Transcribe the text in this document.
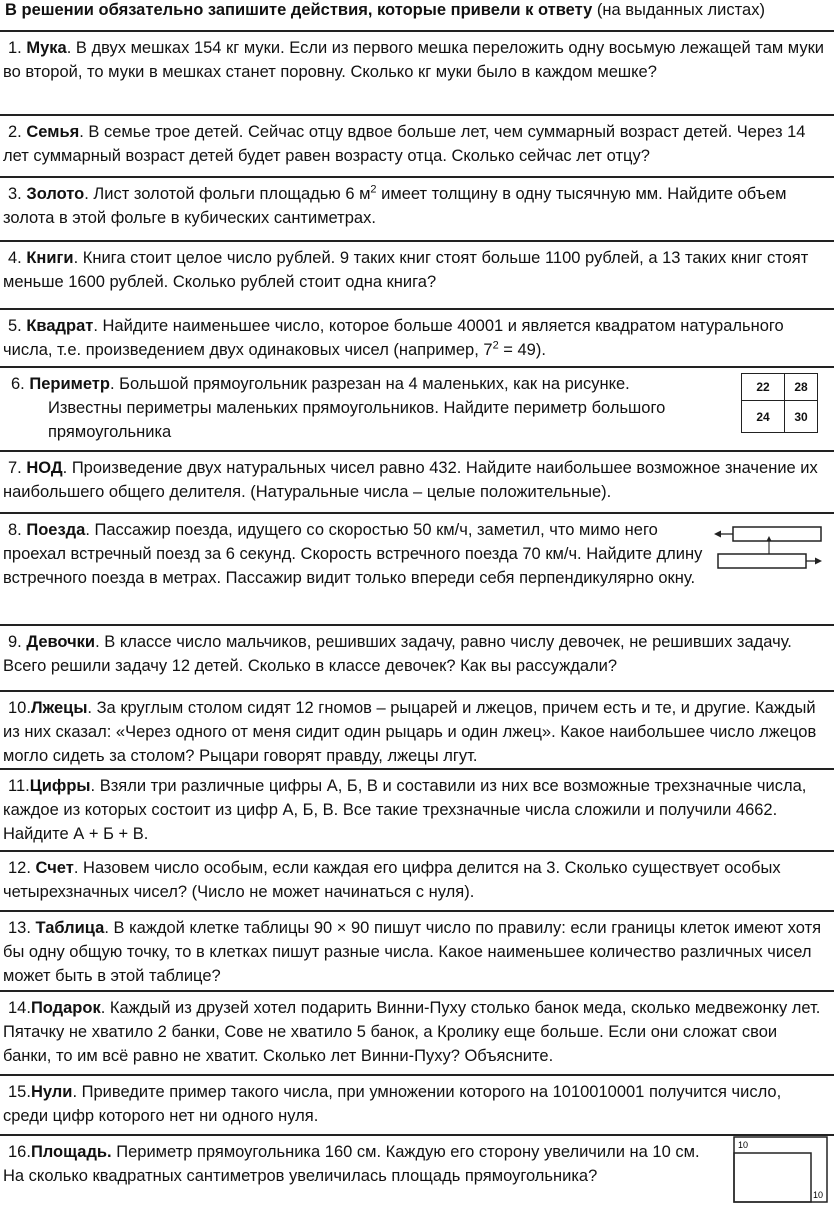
В решении обязательно запишите действия, которые привели к ответу (на выданных листах)
1. Мука. В двух мешках 154 кг муки. Если из первого мешка переложить одну восьмую лежащей там муки во второй, то муки в мешках станет поровну. Сколько кг муки было в каждом мешке?
2. Семья. В семье трое детей. Сейчас отцу вдвое больше лет, чем суммарный возраст детей. Через 14 лет суммарный возраст детей будет равен возрасту отца. Сколько сейчас лет отцу?
3. Золото. Лист золотой фольги площадью 6 $м^2$ имеет толщину в одну тысячную мм. Найдите объем золота в этой фольге в кубических сантиметрах.
4. Книги. Книга стоит целое число рублей. 9 таких книг стоят больше 1100 рублей, а 13 таких книг стоят меньше 1600 рублей. Сколько рублей стоит одна книга?
5. Квадрат. Найдите наименьшее число, которое больше 40001 и является квадратом натурального числа, т.е. произведением двух одинаковых чисел (например, $7^2 = 49$).
6. Периметр. Большой прямоугольник разрезан на 4 маленьких, как на рисунке.
Известны периметры маленьких прямоугольников. Найдите периметр большого прямоугольника
22	28
24	30
7. НОД. Произведение двух натуральных чисел равно 432. Найдите наибольшее возможное значение их наибольшего общего делителя. (Натуральные числа – целые положительные).
8. Поезда. Пассажир поезда, идущего со скоростью 50 км/ч, заметил, что мимо него проехал встречный поезд за 6 секунд. Скорость встречного поезда 70 км/ч. Найдите длину встречного поезда в метрах. Пассажир видит только впереди себя перпендикулярно окну.
9. Девочки. В классе число мальчиков, решивших задачу, равно числу девочек, не решивших задачу. Всего решили задачу 12 детей. Сколько в классе девочек? Как вы рассуждали?
10.Лжецы. За круглым столом сидят 12 гномов – рыцарей и лжецов, причем есть и те, и другие. Каждый из них сказал: «Через одного от меня сидит один рыцарь и один лжец». Какое наибольшее число лжецов могло сидеть за столом? Рыцари говорят правду, лжецы лгут.
11.Цифры. Взяли три различные цифры А, Б, В и составили из них все возможные трехзначные числа, каждое из которых состоит из цифр А, Б, В. Все такие трехзначные числа сложили и получили 4662. Найдите А + Б + В.
12. Счет. Назовем число особым, если каждая его цифра делится на 3. Сколько существует особых четырехзначных чисел? (Число не может начинаться с нуля).
13. Таблица. В каждой клетке таблицы 90 × 90 пишут число по правилу: если границы клеток имеют хотя бы одну общую точку, то в клетках пишут разные числа. Какое наименьшее количество различных чисел может быть в этой таблице?
14.Подарок. Каждый из друзей хотел подарить Винни-Пуху столько банок меда, сколько медвежонку лет. Пятачку не хватило 2 банки, Сове не хватило 5 банок, а Кролику еще больше. Если они сложат свои банки, то им всё равно не хватит. Сколько лет Винни-Пуху? Объясните.
15.Нули. Приведите пример такого числа, при умножении которого на 1010010001 получится число, среди цифр которого нет ни одного нуля.
16.Площадь. Периметр прямоугольника 160 см. Каждую его сторону увеличили на 10 см. На сколько квадратных сантиметров увеличилась площадь прямоугольника?
10
10
